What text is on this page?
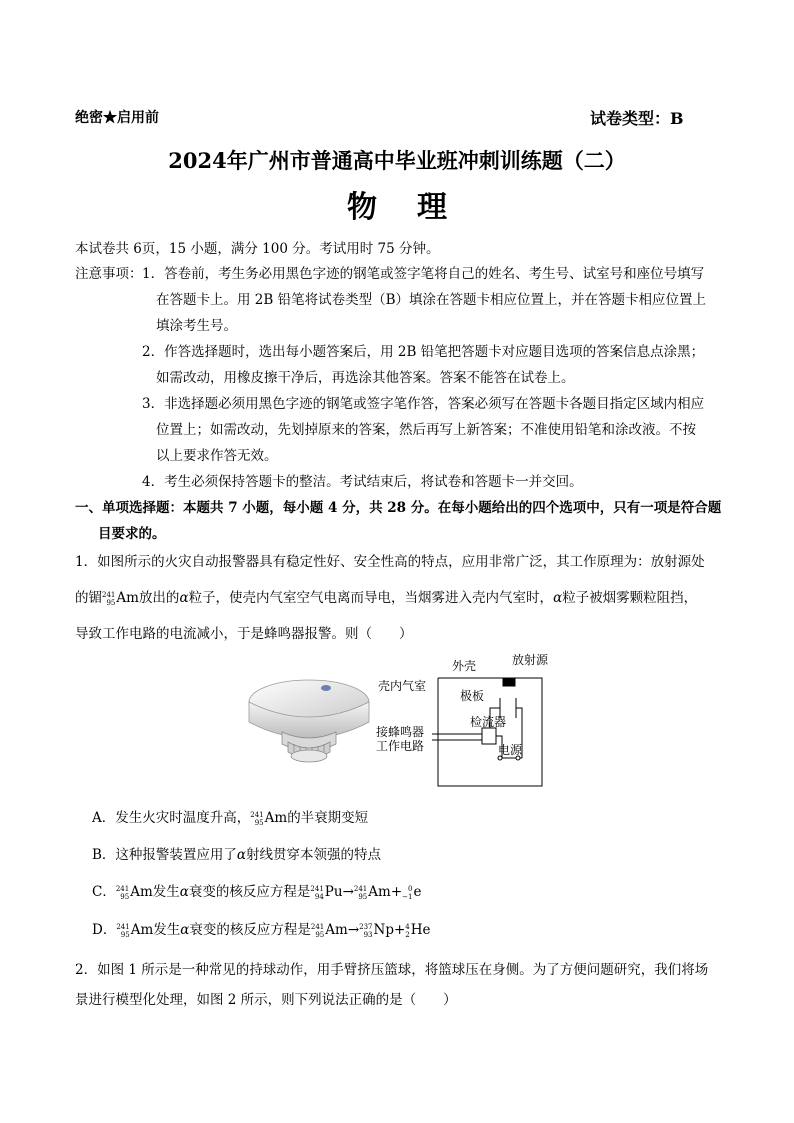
绝密★启用前	试卷类型：B
2024年广州市普通高中毕业班冲刺训练题（二）
物理
本试卷共 6页，15 小题，满分 100 分。考试用时 75 分钟。
注意事项： 1．答卷前，考生务必用黑色字迹的钢笔或签字笔将自己的姓名、考生号、试室号和座位号填写
在答题卡上。用 2B 铅笔将试卷类型（B）填涂在答题卡相应位置上，并在答题卡相应位置上
填涂考生号。
2．作答选择题时，选出每小题答案后，用 2B 铅笔把答题卡对应题目选项的答案信息点涂黑；
如需改动，用橡皮擦干净后，再选涂其他答案。答案不能答在试卷上。
3．非选择题必须用黑色字迹的钢笔或签字笔作答，答案必须写在答题卡各题目指定区域内相应
位置上；如需改动，先划掉原来的答案，然后再写上新答案；不准使用铅笔和涂改液。不按
以上要求作答无效。
4．考生必须保持答题卡的整洁。考试结束后，将试卷和答题卡一并交回。
一、单项选择题：本题共 7 小题，每小题 4 分，共 28 分。在每小题给出的四个选项中，只有一项是符合题
目要求的。
1．如图所示的火灾自动报警器具有稳定性好、安全性高的特点，应用非常广泛，其工作原理为：放射源处
的镅 241
95 Am放出的α粒子，使壳内气室空气电离而导电，当烟雾进入壳内气室时，α粒子被烟雾颗粒阻挡，
导致工作电路的电流减小，于是蜂鸣器报警。则（　　）
外壳	放射源
壳内气室
极板
检流器
接蜂鸣器
工作电路	电源
A．发生火灾时温度升高， 241
95 Am的半衰期变短
B．这种报警装置应用了α射线贯穿本领强的特点
C． 241
95 Am发生α衰变的核反应方程是 241
94 Pu→ 241
95 Am+ 0
−1 e
D． 241
95 Am发生α衰变的核反应方程是 241
95 Am→ 237
93 Np+ 4
2 He
2．如图 1 所示是一种常见的持球动作，用手臂挤压篮球，将篮球压在身侧。为了方便问题研究，我们将场
景进行模型化处理，如图 2 所示，则下列说法正确的是（　　）
